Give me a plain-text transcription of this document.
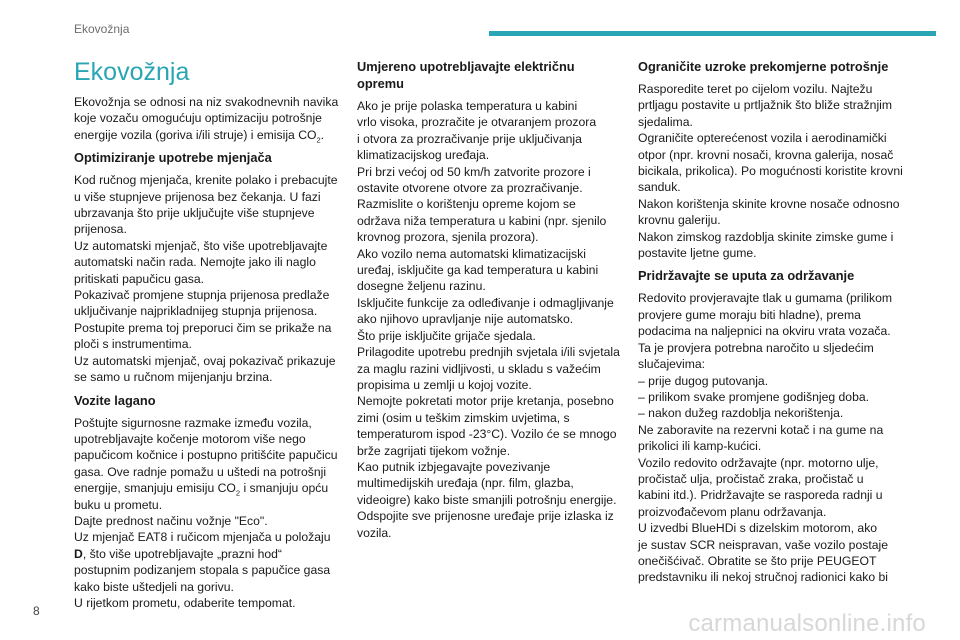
Ekovožnja
Ekovožnja
Ekovožnja se odnosi na niz svakodnevnih navika
koje vozaču omogućuju optimizaciju potrošnje
energije vozila (goriva i/ili struje) i emisija $CO_2$.
Optimiziranje upotrebe mjenjača
Kod ručnog mjenjača, krenite polako i prebacujte
u više stupnjeve prijenosa bez čekanja. U fazi
ubrzavanja što prije uključujte više stupnjeve
prijenosa.
Uz automatski mjenjač, što više upotrebljavajte
automatski način rada. Nemojte jako ili naglo
pritiskati papučicu gasa.
Pokazivač promjene stupnja prijenosa predlaže
uključivanje najprikladnijeg stupnja prijenosa.
Postupite prema toj preporuci čim se prikaže na
ploči s instrumentima.
Uz automatski mjenjač, ovaj pokazivač prikazuje
se samo u ručnom mijenjanju brzina.
Vozite lagano
Poštujte sigurnosne razmake između vozila,
upotrebljavajte kočenje motorom više nego
papučicom kočnice i postupno pritišćite papučicu
gasa. Ove radnje pomažu u uštedi na potrošnji
energije, smanjuju emisiju $CO_2$ i smanjuju opću
buku u prometu.
Dajte prednost načinu vožnje "Eco".
Uz mjenjač EAT8 i ručicom mjenjača u položaju
D, što više upotrebljavajte „prazni hod“
postupnim podizanjem stopala s papučice gasa
kako biste uštedjeli na gorivu.
U rijetkom prometu, odaberite tempomat.
Umjereno upotrebljavajte električnu
opremu
Ako je prije polaska temperatura u kabini
vrlo visoka, prozračite je otvaranjem prozora
i otvora za prozračivanje prije uključivanja
klimatizacijskog uređaja.
Pri brzi većoj od 50 km/h zatvorite prozore i
ostavite otvorene otvore za prozračivanje.
Razmislite o korištenju opreme kojom se
održava niža temperatura u kabini (npr. sjenilo
krovnog prozora, sjenila prozora).
Ako vozilo nema automatski klimatizacijski
uređaj, isključite ga kad temperatura u kabini
dosegne željenu razinu.
Isključite funkcije za odleđivanje i odmagljivanje
ako njihovo upravljanje nije automatsko.
Što prije isključite grijače sjedala.
Prilagodite upotrebu prednjih svjetala i/ili svjetala
za maglu razini vidljivosti, u skladu s važećim
propisima u zemlji u kojoj vozite.
Nemojte pokretati motor prije kretanja, posebno
zimi (osim u teškim zimskim uvjetima, s
temperaturom ispod -23°C). Vozilo će se mnogo
brže zagrijati tijekom vožnje.
Kao putnik izbjegavajte povezivanje
multimedijskih uređaja (npr. film, glazba,
videoigre) kako biste smanjili potrošnju energije.
Odspojite sve prijenosne uređaje prije izlaska iz
vozila.
Ograničite uzroke prekomjerne potrošnje
Rasporedite teret po cijelom vozilu. Najtežu
prtljagu postavite u prtljažnik što bliže stražnjim
sjedalima.
Ograničite opterećenost vozila i aerodinamički
otpor (npr. krovni nosači, krovna galerija, nosač
bicikala, prikolica). Po mogućnosti koristite krovni
sanduk.
Nakon korištenja skinite krovne nosače odnosno
krovnu galeriju.
Nakon zimskog razdoblja skinite zimske gume i
postavite ljetne gume.
Pridržavajte se uputa za održavanje
Redovito provjeravajte tlak u gumama (prilikom
provjere gume moraju biti hladne), prema
podacima na naljepnici na okviru vrata vozača.
Ta je provjera potrebna naročito u sljedećim
slučajevima:
– prije dugog putovanja.
– prilikom svake promjene godišnjeg doba.
– nakon dužeg razdoblja nekorištenja.
Ne zaboravite na rezervni kotač i na gume na
prikolici ili kamp-kućici.
Vozilo redovito održavajte (npr. motorno ulje,
pročistač ulja, pročistač zraka, pročistač u
kabini itd.). Pridržavajte se rasporeda radnji u
proizvođačevom planu održavanja.
U izvedbi BlueHDi s dizelskim motorom, ako
je sustav SCR neispravan, vaše vozilo postaje
onečišćivač. Obratite se što prije PEUGEOT
predstavniku ili nekoj stručnoj radionici kako bi
8	carmanualsonline.info
